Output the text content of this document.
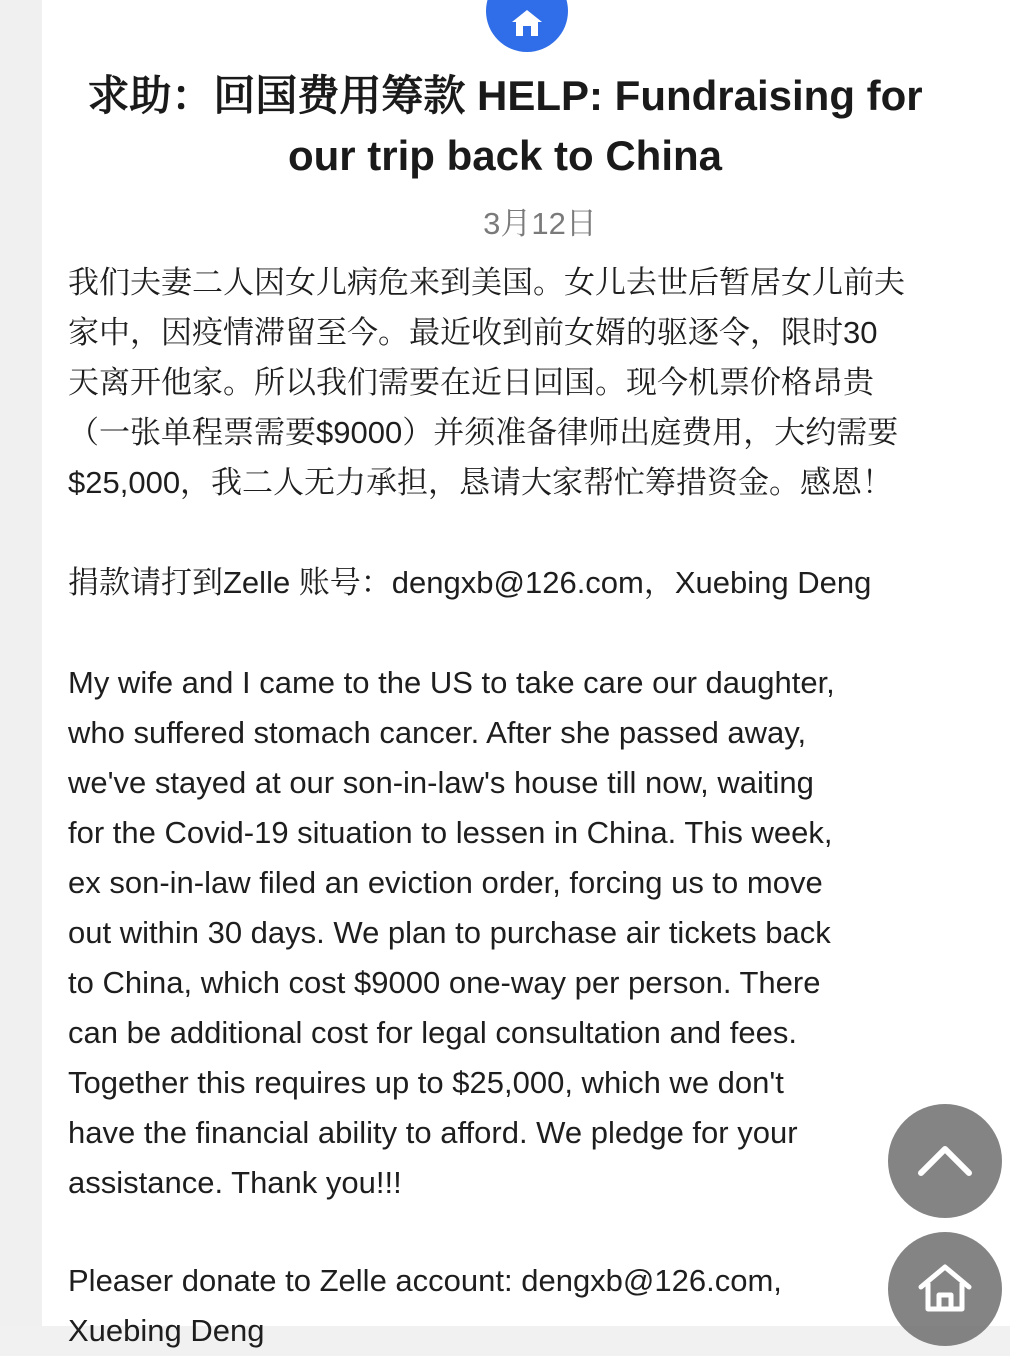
求助：回国费用筹款 HELP: Fundraising for
our trip back to China
3月12日

我们夫妻二人因女儿病危来到美国。女儿去世后暂居女儿前夫
家中，因疫情滞留至今。最近收到前女婿的驱逐令，限时30
天离开他家。所以我们需要在近日回国。现今机票价格昂贵
（一张单程票需要$9000）并须准备律师出庭费用，大约需要
$25,000，我二人无力承担，恳请大家帮忙筹措资金。感恩！

捐款请打到Zelle 账号：dengxb@126.com，Xuebing Deng

My wife and I came to the US to take care our daughter,
who suffered stomach cancer. After she passed away,
we've stayed at our son-in-law's house till now, waiting
for the Covid-19 situation to lessen in China. This week,
ex son-in-law filed an eviction order, forcing us to move
out within 30 days. We plan to purchase air tickets back
to China, which cost $9000 one-way per person. There
can be additional cost for legal consultation and fees.
Together this requires up to $25,000, which we don't
have the financial ability to afford. We pledge for your
assistance. Thank you!!!

Pleaser donate to Zelle account: dengxb@126.com,
Xuebing Deng
